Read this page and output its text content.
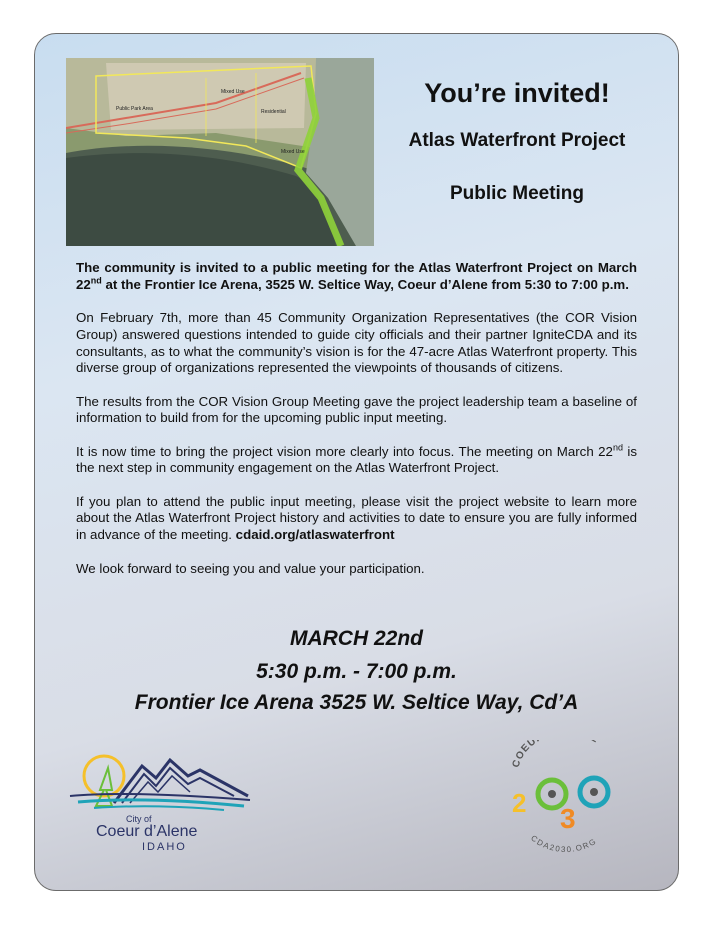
Public Park Area
Mixed Use
Residential
Mixed Use
You’re invited!
Atlas Waterfront Project
Public Meeting

The community is invited to a public meeting for the Atlas Waterfront Project on March 22nd at the Frontier Ice Arena, 3525 W. Seltice Way, Coeur d’Alene from 5:30 to 7:00 p.m.

On February 7th, more than 45 Community Organization Representatives (the COR Vision Group) answered questions intended to guide city officials and their partner IgniteCDA and its consultants, as to what the community’s vision is for the 47-acre Atlas Waterfront property. This diverse group of organizations represented the viewpoints of thousands of citizens.

The results from the COR Vision Group Meeting gave the project leadership team a baseline of information to build from for the upcoming public input meeting.

It is now time to bring the project vision more clearly into focus. The meeting on March 22nd is the next step in community engagement on the Atlas Waterfront Project.

If you plan to attend the public input meeting, please visit the project website to learn more about the Atlas Waterfront Project history and activities to date to ensure you are fully informed in advance of the meeting. cdaid.org/atlaswaterfront

We look forward to seeing you and value your participation.

MARCH 22nd
5:30 p.m. - 7:00 p.m.
Frontier Ice Arena 3525 W. Seltice Way, Cd’A
City of
Coeur d’Alene
IDAHO
COEU
2 3
CDA2030.ORG
